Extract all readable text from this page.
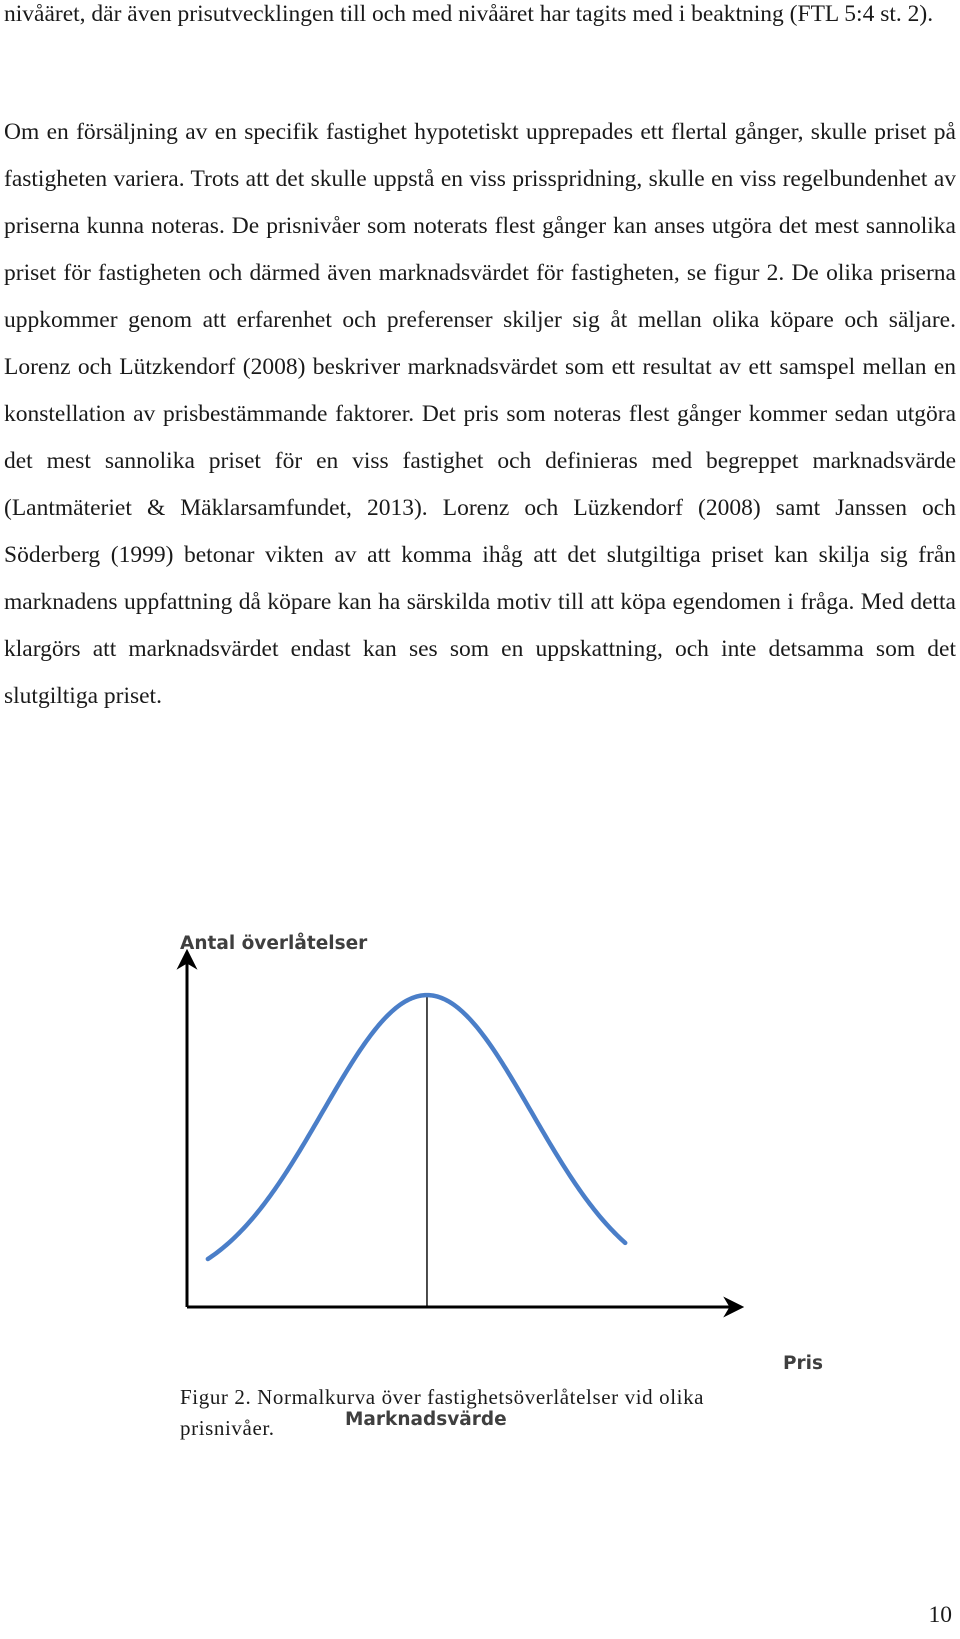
nivåäret, där även prisutvecklingen till och med nivåäret har tagits med i beaktning (FTL 5:4 st. 2).

Om en försäljning av en specifik fastighet hypotetiskt upprepades ett flertal gånger, skulle priset på fastigheten variera. Trots att det skulle uppstå en viss prisspridning, skulle en viss regelbundenhet av priserna kunna noteras. De prisnivåer som noterats flest gånger kan anses utgöra det mest sannolika priset för fastigheten och därmed även marknadsvärdet för fastigheten, se figur 2. De olika priserna uppkommer genom att erfarenhet och preferenser skiljer sig åt mellan olika köpare och säljare. Lorenz och Lützkendorf (2008) beskriver marknadsvärdet som ett resultat av ett samspel mellan en konstellation av prisbestämmande faktorer. Det pris som noteras flest gånger kommer sedan utgöra det mest sannolika priset för en viss fastighet och definieras med begreppet marknadsvärde (Lantmäteriet & Mäklarsamfundet, 2013). Lorenz och Lüzkendorf (2008) samt Janssen och Söderberg (1999) betonar vikten av att komma ihåg att det slutgiltiga priset kan skilja sig från marknadens uppfattning då köpare kan ha särskilda motiv till att köpa egendomen i fråga. Med detta klargörs att marknadsvärdet endast kan ses som en uppskattning, och inte detsamma som det slutgiltiga priset.

Antal överlåtelser
Pris
Marknadsvärde
Figur 2. Normalkurva över fastighetsöverlåtelser vid olika prisnivåer.
10
